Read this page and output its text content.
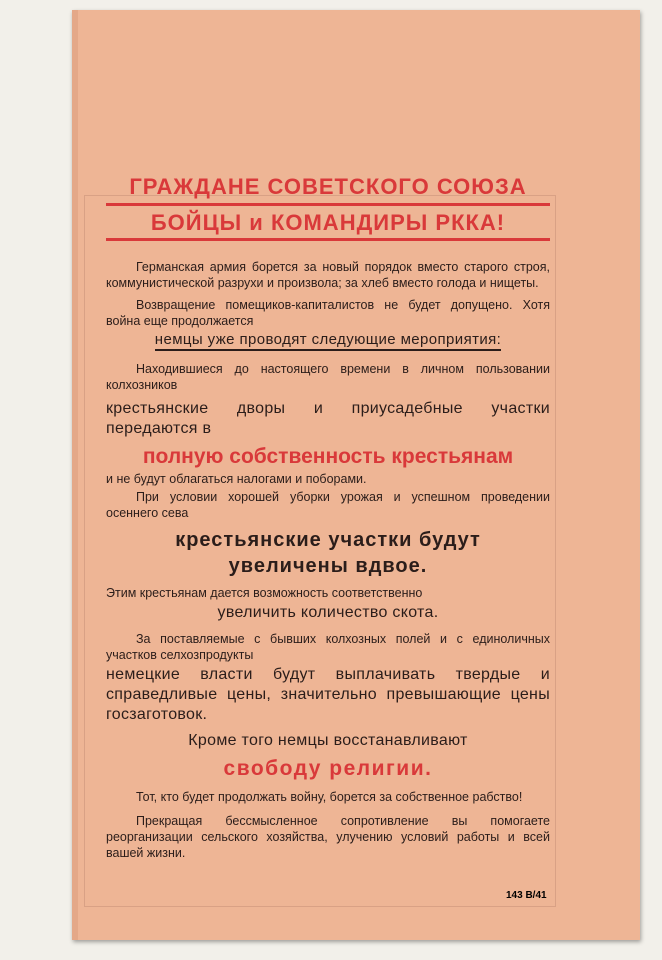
ГРАЖДАНЕ СОВЕТСКОГО СОЮЗА
БОЙЦЫ и КОМАНДИРЫ РККА!

Германская армия борется за новый порядок вместо старого строя, коммунистической разрухи и произвола; за хлеб вместо голода и нищеты.

Возвращение помещиков-капиталистов не будет допущено. Хотя война еще продолжается

немцы уже проводят следующие мероприятия:

Находившиеся до настоящего времени в личном пользовании колхозников

крестьянские дворы и приусадебные участки передаются в

полную собственность крестьянам

и не будут облагаться налогами и поборами.

При условии хорошей уборки урожая и успешном проведении осеннего сева

крестьянские участки будут

увеличены вдвое.

Этим крестьянам дается возможность соответственно

увеличить количество скота.

За поставляемые с бывших колхозных полей и с единоличных участков селхозпродукты

немецкие власти будут выплачивать твердые и справедливые цены, значительно превышающие цены госзаготовок.

Кроме того немцы восстанавливают

свободу религии.

Тот, кто будет продолжать войну, борется за собственное рабство!

Прекращая бессмысленное сопротивление вы помогаете реорганизации сельского хозяйства, улучению условий работы и всей вашей жизни.

143 В/41
